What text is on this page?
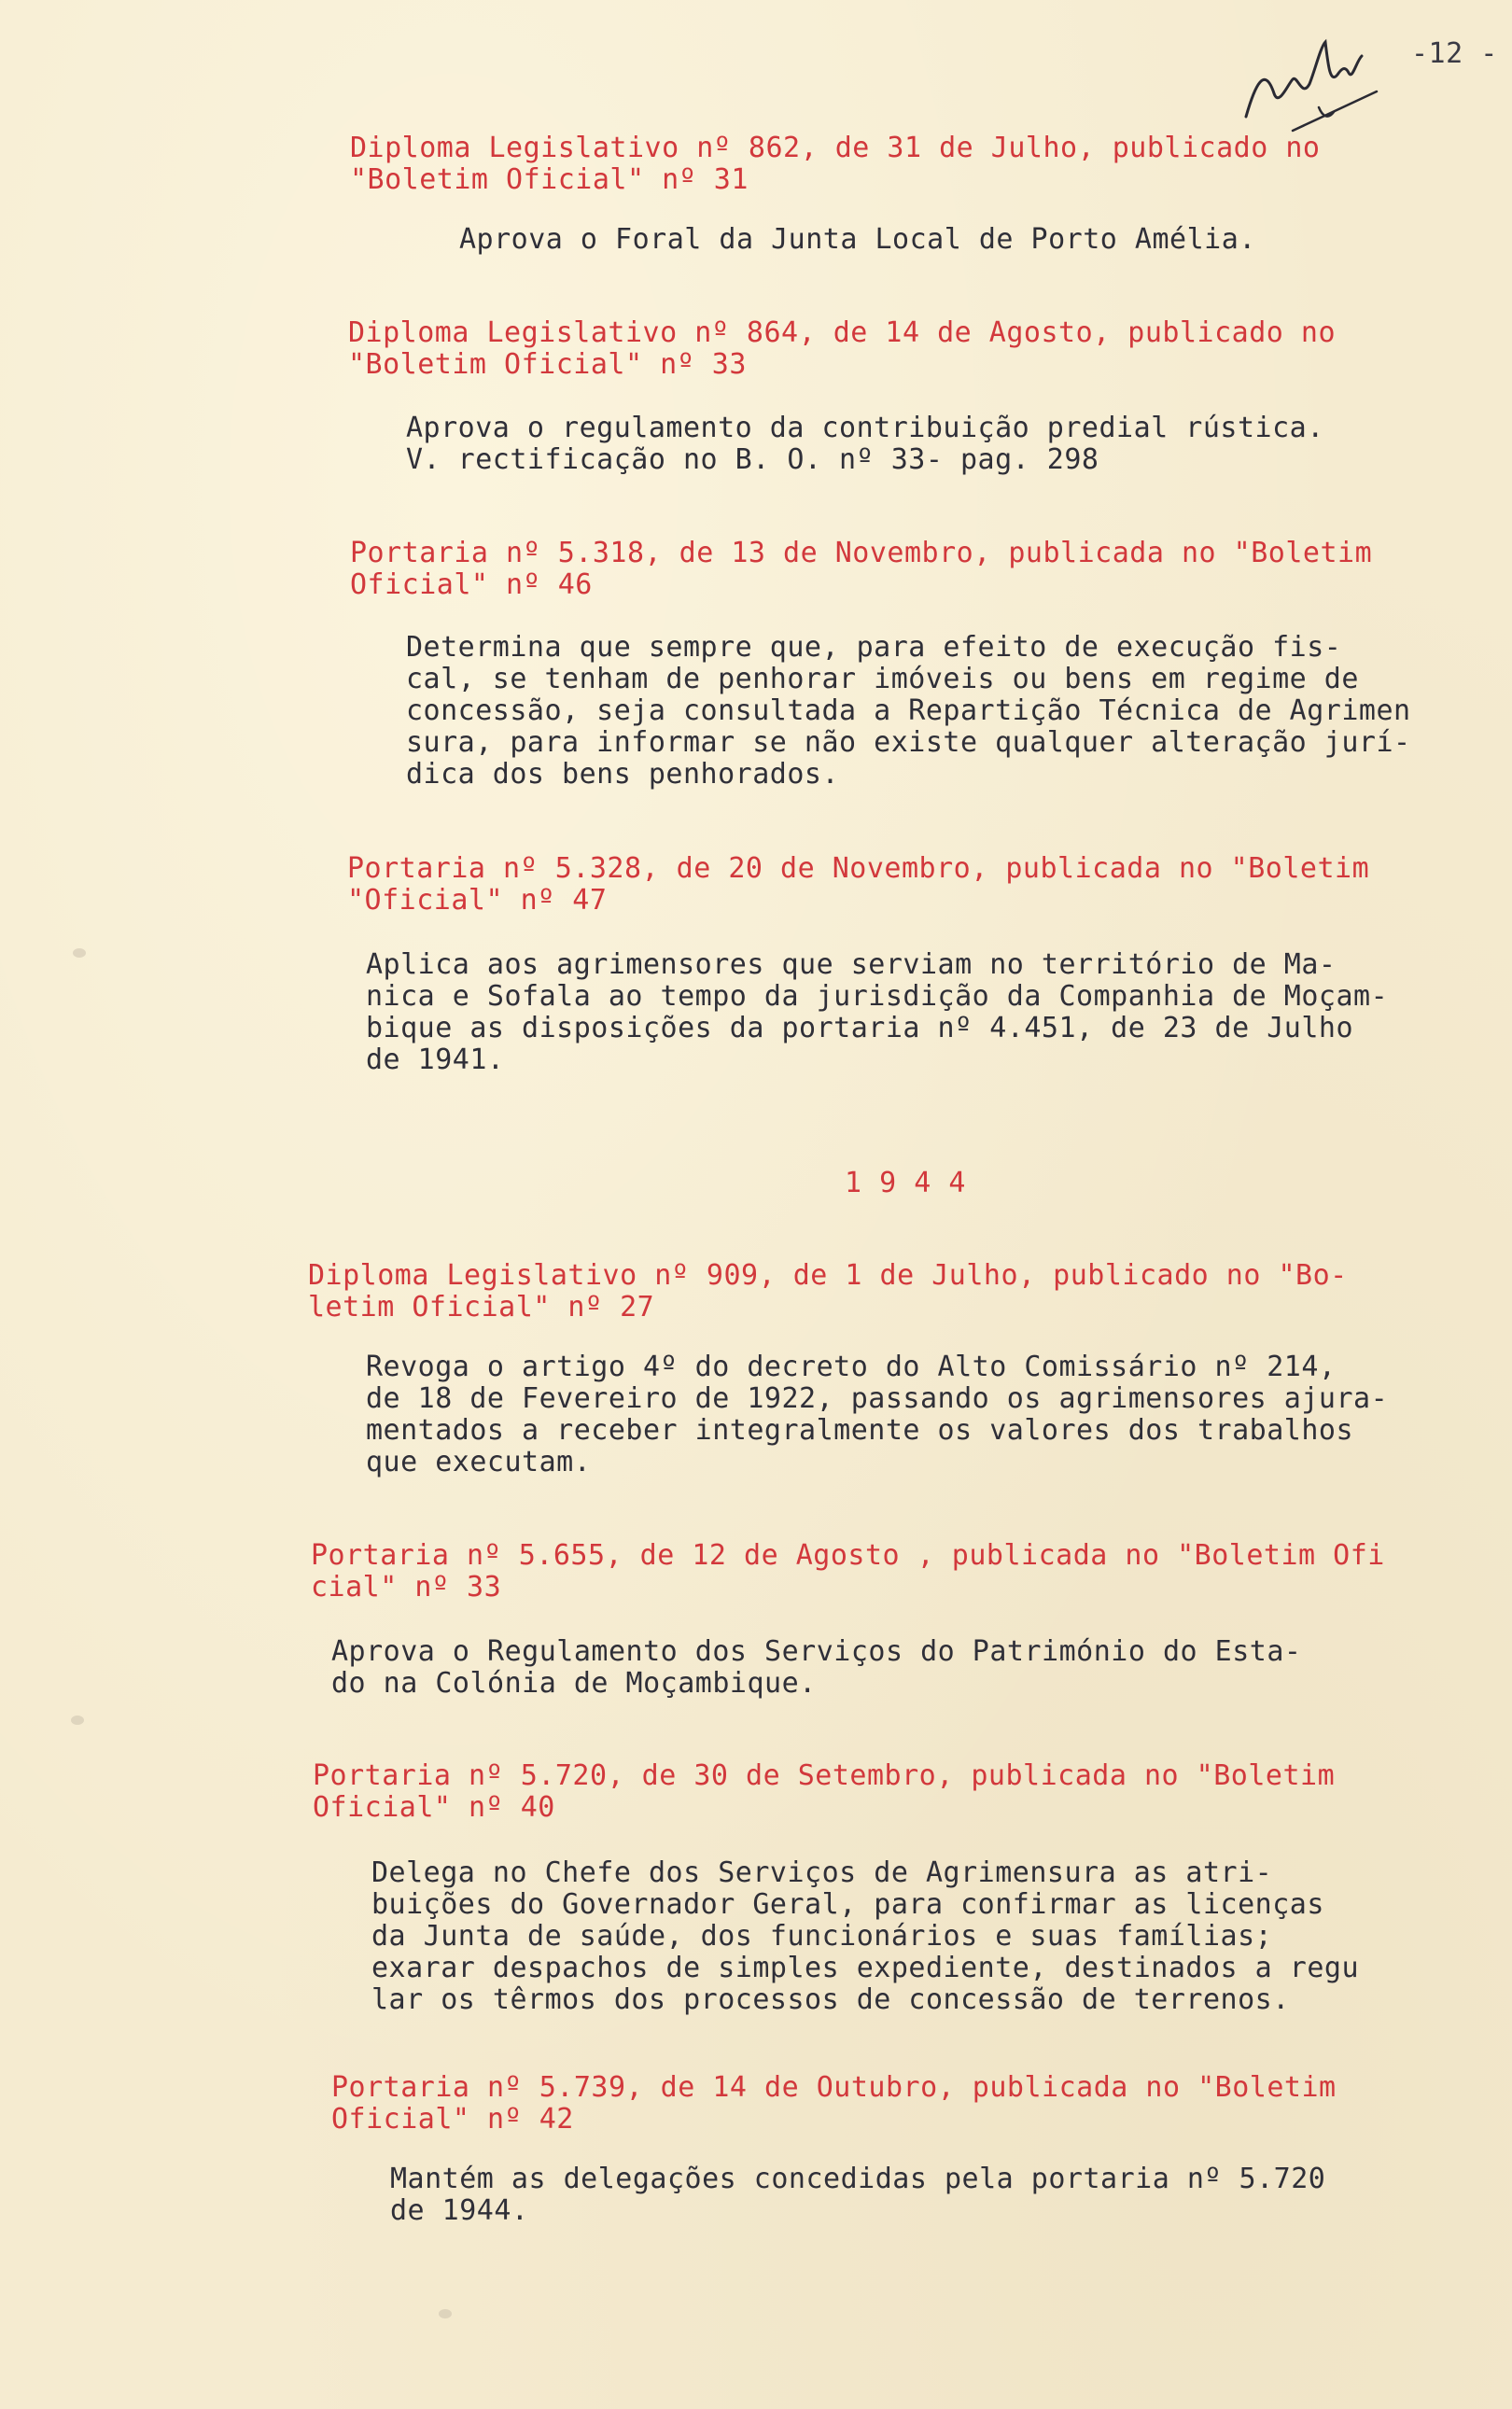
-12 -
Diploma Legislativo nº 862, de 31 de Julho, publicado no
"Boletim Oficial" nº 31
Aprova o Foral da Junta Local de Porto Amélia.
Diploma Legislativo nº 864, de 14 de Agosto, publicado no
"Boletim Oficial" nº 33
Aprova o regulamento da contribuição predial rústica.
V. rectificação no B. O. nº 33- pag. 298
Portaria nº 5.318, de 13 de Novembro, publicada no "Boletim
Oficial" nº 46
Determina que sempre que, para efeito de execução fis-
cal, se tenham de penhorar imóveis ou bens em regime de
concessão, seja consultada a Repartição Técnica de Agrimen
sura, para informar se não existe qualquer alteração jurí-
dica dos bens penhorados.
Portaria nº 5.328, de 20 de Novembro, publicada no "Boletim
"Oficial" nº 47
Aplica aos agrimensores que serviam no território de Ma-
nica e Sofala ao tempo da jurisdição da Companhia de Moçam-
bique as disposições da portaria nº 4.451, de 23 de Julho
de 1941.
1 9 4 4
Diploma Legislativo nº 909, de 1 de Julho, publicado no "Bo-
letim Oficial" nº 27
Revoga o artigo 4º do decreto do Alto Comissário nº 214,
de 18 de Fevereiro de 1922, passando os agrimensores ajura-
mentados a receber integralmente os valores dos trabalhos
que executam.
Portaria nº 5.655, de 12 de Agosto , publicada no "Boletim Ofi
cial" nº 33
Aprova o Regulamento dos Serviços do Património do Esta-
do na Colónia de Moçambique.
Portaria nº 5.720, de 30 de Setembro, publicada no "Boletim
Oficial" nº 40
Delega no Chefe dos Serviços de Agrimensura as atri-
buições do Governador Geral, para confirmar as licenças
da Junta de saúde, dos funcionários e suas famílias;
exarar despachos de simples expediente, destinados a regu
lar os têrmos dos processos de concessão de terrenos.
Portaria nº 5.739, de 14 de Outubro, publicada no "Boletim
Oficial" nº 42
Mantém as delegações concedidas pela portaria nº 5.720
de 1944.
